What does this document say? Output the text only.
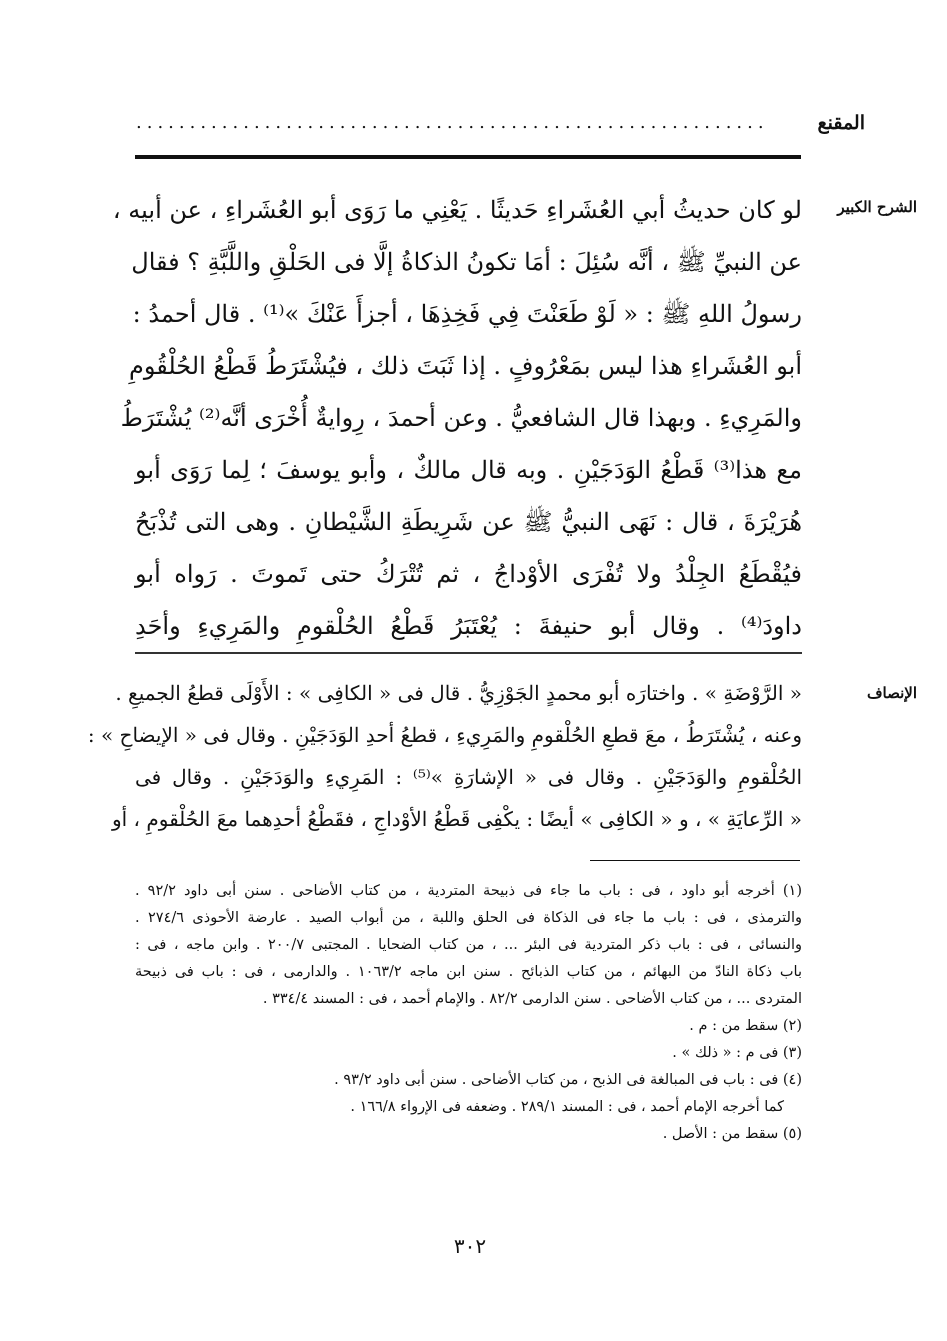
المقنع
...........................................................
الشرح الكبير
لو كان حديثُ أبي العُشَراءِ حَديثًا . يَعْنِي ما رَوَى أبو العُشَراءِ ، عن أبيه ،
عن النبيِّ ﷺ ، أنَّه سُئِلَ : أمَا تكونُ الذكاةُ إلَّا فى الحَلْقِ واللَّبَّةِ ؟ فقال
رسولُ اللهِ ﷺ : « لَوْ طَعَنْتَ فِي فَخِذِهَا ، أجزأَ عَنْكَ »⁽¹⁾ . قال أحمدُ :
أبو العُشَراءِ هذا ليس بمَعْرُوفٍ . إذا ثَبَتَ ذلك ، فيُشْتَرَطُ قَطْعُ الحُلْقُومِ
والمَرِيءِ . وبهذا قال الشافعيُّ . وعن أحمدَ ، رِوايةٌ أُخْرَى أنَّه⁽²⁾ يُشْتَرَطُ
مع هذا⁽³⁾ قَطْعُ الوَدَجَيْنِ . وبه قال مالكٌ ، وأبو يوسفَ ؛ لِما رَوَى أبو
هُرَيْرَةَ ، قال : نَهَى النبيُّ ﷺ عن شَرِيطَةِ الشَّيْطانِ . وهى التى تُذْبَحُ
فيُقْطَعُ الجِلْدُ ولا تُفْرَى الأوْداجُ ، ثم تُتْرَكُ حتى تَموتَ . رَواه أبو
داودَ⁽⁴⁾ . وقال أبو حنيفةَ : يُعْتَبَرُ قَطْعُ الحُلْقومِ والمَرِيءِ وأحَدِ
الإنصاف
« الرَّوْضَةِ » . واختارَه أبو محمدٍ الجَوْزِيُّ . قال فى « الكافِى » : الأَوْلَى قطعُ الجميعِ .
وعنه ، يُشْتَرَطُ ، معَ قطعِ الحُلْقومِ والمَرِيءِ ، قطعُ أحدِ الوَدَجَيْنِ . وقال فى « الإيضاحِ » :
الحُلْقومِ والوَدَجَيْنِ . وقال فى « الإشارَةِ »⁽⁵⁾ : المَرِيءِ والوَدَجَيْنِ . وقال فى
« الرِّعايَةِ » ، و « الكافِى » أيضًا : يكْفِى قَطْعُ الأوْداجِ ، فقَطْعُ أحدِهما معَ الحُلْقومِ ، أو
(١) أخرجه أبو داود ، فى : باب ما جاء فى ذبيحة المتردية ، من كتاب الأضاحى . سنن أبى داود ٩٢/٢ .
والترمذى ، فى : باب ما جاء فى الذكاة فى الحلق واللبة ، من أبواب الصيد . عارضة الأحوذى ٢٧٤/٦ .
والنسائى ، فى : باب ذكر المتردية فى البئر ... ، من كتاب الضحايا . المجتبى ٢٠٠/٧ . وابن ماجه ، فى :
باب ذكاة النادّ من البهائم ، من كتاب الذبائح . سنن ابن ماجه ١٠٦٣/٢ . والدارمى ، فى : باب فى ذبيحة
المتردى ... ، من كتاب الأضاحى . سنن الدارمى ٨٢/٢ . والإمام أحمد ، فى : المسند ٣٣٤/٤ .
(٢) سقط من : م .
(٣) فى م : « ذلك » .
(٤) فى : باب فى المبالغة فى الذبح ، من كتاب الأضاحى . سنن أبى داود ٩٣/٢ .
كما أخرجه الإمام أحمد ، فى : المسند ٢٨٩/١ . وضعفه فى الإرواء ١٦٦/٨ .
(٥) سقط من : الأصل .
٣٠٢
